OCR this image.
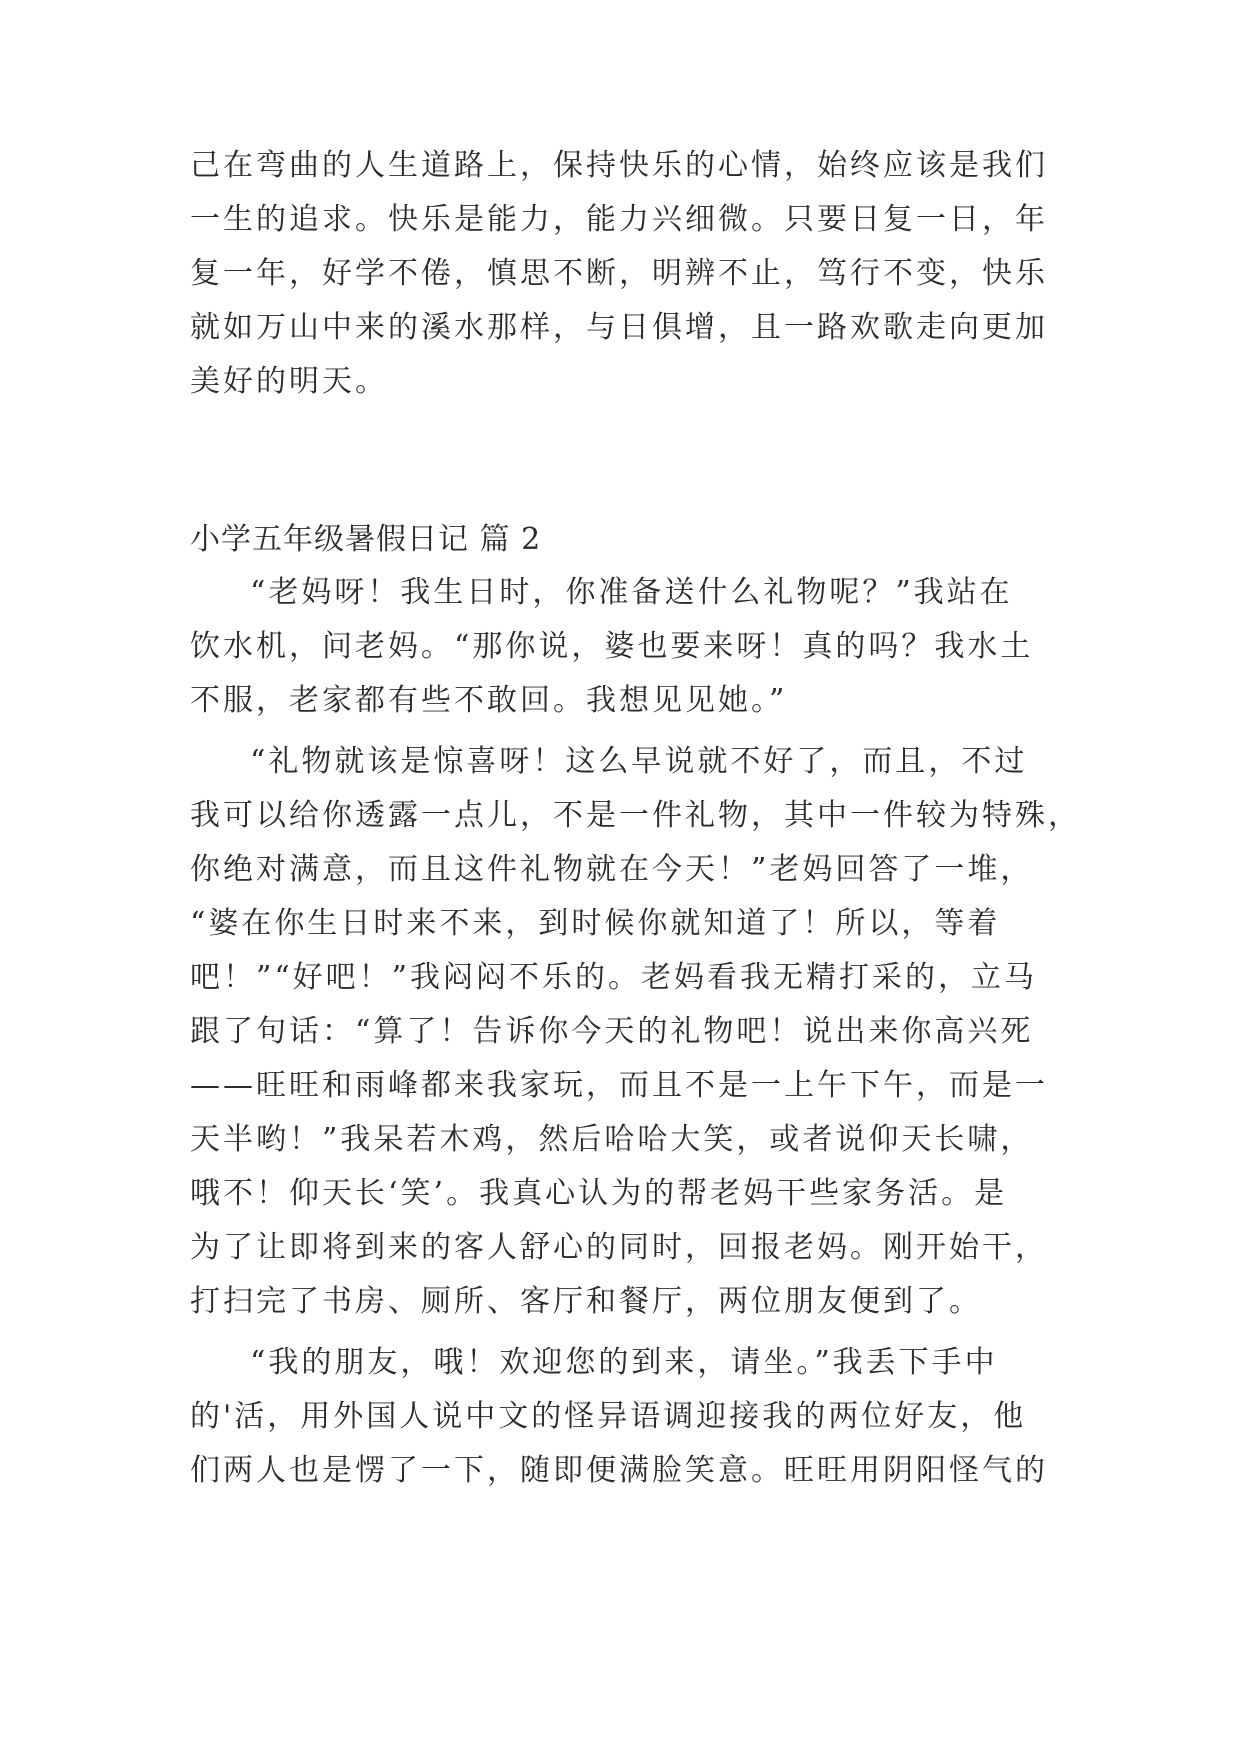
己在弯曲的人生道路上，保持快乐的心情，始终应该是我们
一生的追求。快乐是能力，能力兴细微。只要日复一日，年
复一年，好学不倦，慎思不断，明辨不止，笃行不变，快乐
就如万山中来的溪水那样，与日俱增，且一路欢歌走向更加
美好的明天。
小学五年级暑假日记 篇 2
“老妈呀！我生日时，你准备送什么礼物呢？”我站在
饮水机，问老妈。“那你说，婆也要来呀！真的吗？我水土
不服，老家都有些不敢回。我想见见她。”
“礼物就该是惊喜呀！这么早说就不好了，而且，不过
我可以给你透露一点儿，不是一件礼物，其中一件较为特殊，
你绝对满意，而且这件礼物就在今天！”老妈回答了一堆，
“婆在你生日时来不来，到时候你就知道了！所以，等着
吧！”“好吧！”我闷闷不乐的。老妈看我无精打采的，立马
跟了句话：“算了！告诉你今天的礼物吧！说出来你高兴死
——旺旺和雨峰都来我家玩，而且不是一上午下午，而是一
天半哟！”我呆若木鸡，然后哈哈大笑，或者说仰天长啸，
哦不！仰天长‘笑’。我真心认为的帮老妈干些家务活。是
为了让即将到来的客人舒心的同时，回报老妈。刚开始干，
打扫完了书房、厕所、客厅和餐厅，两位朋友便到了。
“我的朋友，哦！欢迎您的到来，请坐。”我丢下手中
的'活，用外国人说中文的怪异语调迎接我的两位好友，他
们两人也是愣了一下，随即便满脸笑意。旺旺用阴阳怪气的
